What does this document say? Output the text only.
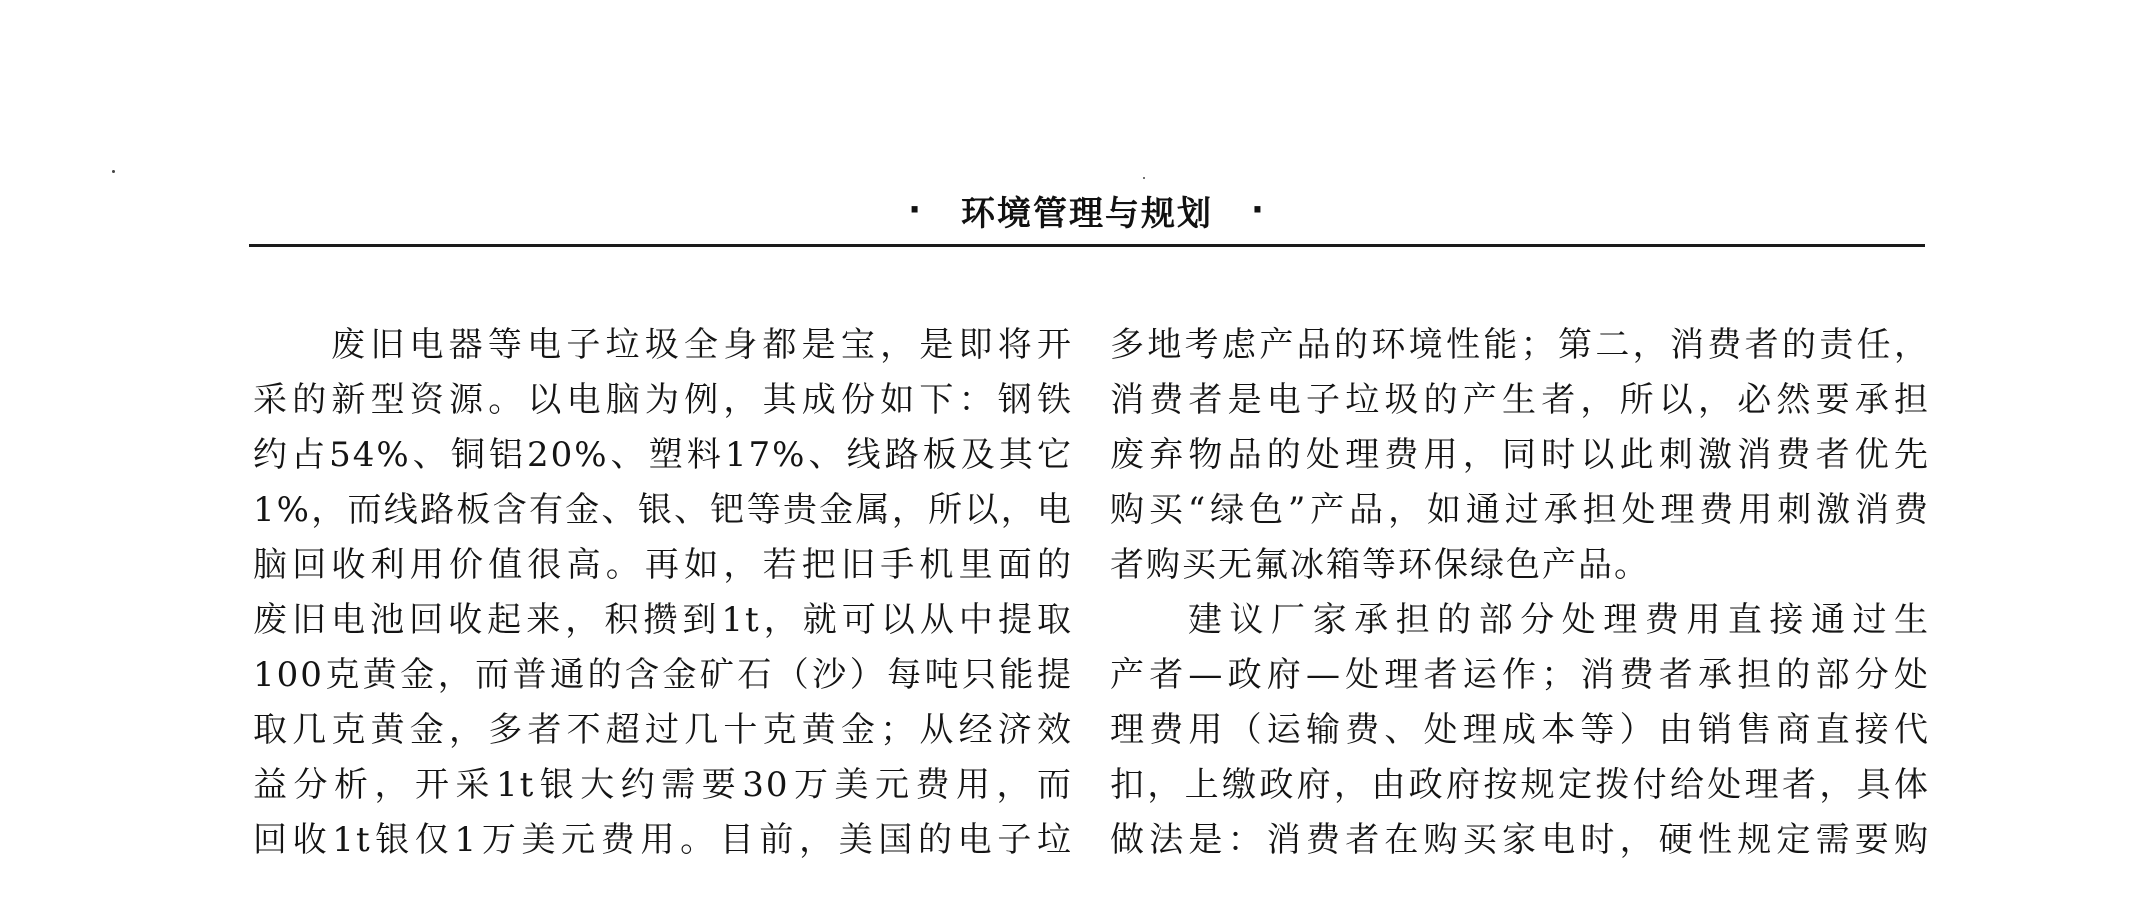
· 环境管理与规划 ·
废旧电器等电子垃圾全身都是宝，是即将开
采的新型资源。以电脑为例，其成份如下：钢铁
约占54%、铜铝20%、塑料17%、线路板及其它
1%，而线路板含有金、银、钯等贵金属，所以，电
脑回收利用价值很高。再如，若把旧手机里面的
废旧电池回收起来，积攒到1t，就可以从中提取
100克黄金，而普通的含金矿石（沙）每吨只能提
取几克黄金，多者不超过几十克黄金；从经济效
益分析，开采1t银大约需要30万美元费用，而
回收1t银仅1万美元费用。目前，美国的电子垃
多地考虑产品的环境性能；第二，消费者的责任，
消费者是电子垃圾的产生者，所以，必然要承担
废弃物品的处理费用，同时以此刺激消费者优先
购买“绿色”产品，如通过承担处理费用刺激消费
者购买无氟冰箱等环保绿色产品。
建议厂家承担的部分处理费用直接通过生
产者—政府—处理者运作；消费者承担的部分处
理费用（运输费、处理成本等）由销售商直接代
扣，上缴政府，由政府按规定拨付给处理者，具体
做法是：消费者在购买家电时，硬性规定需要购
